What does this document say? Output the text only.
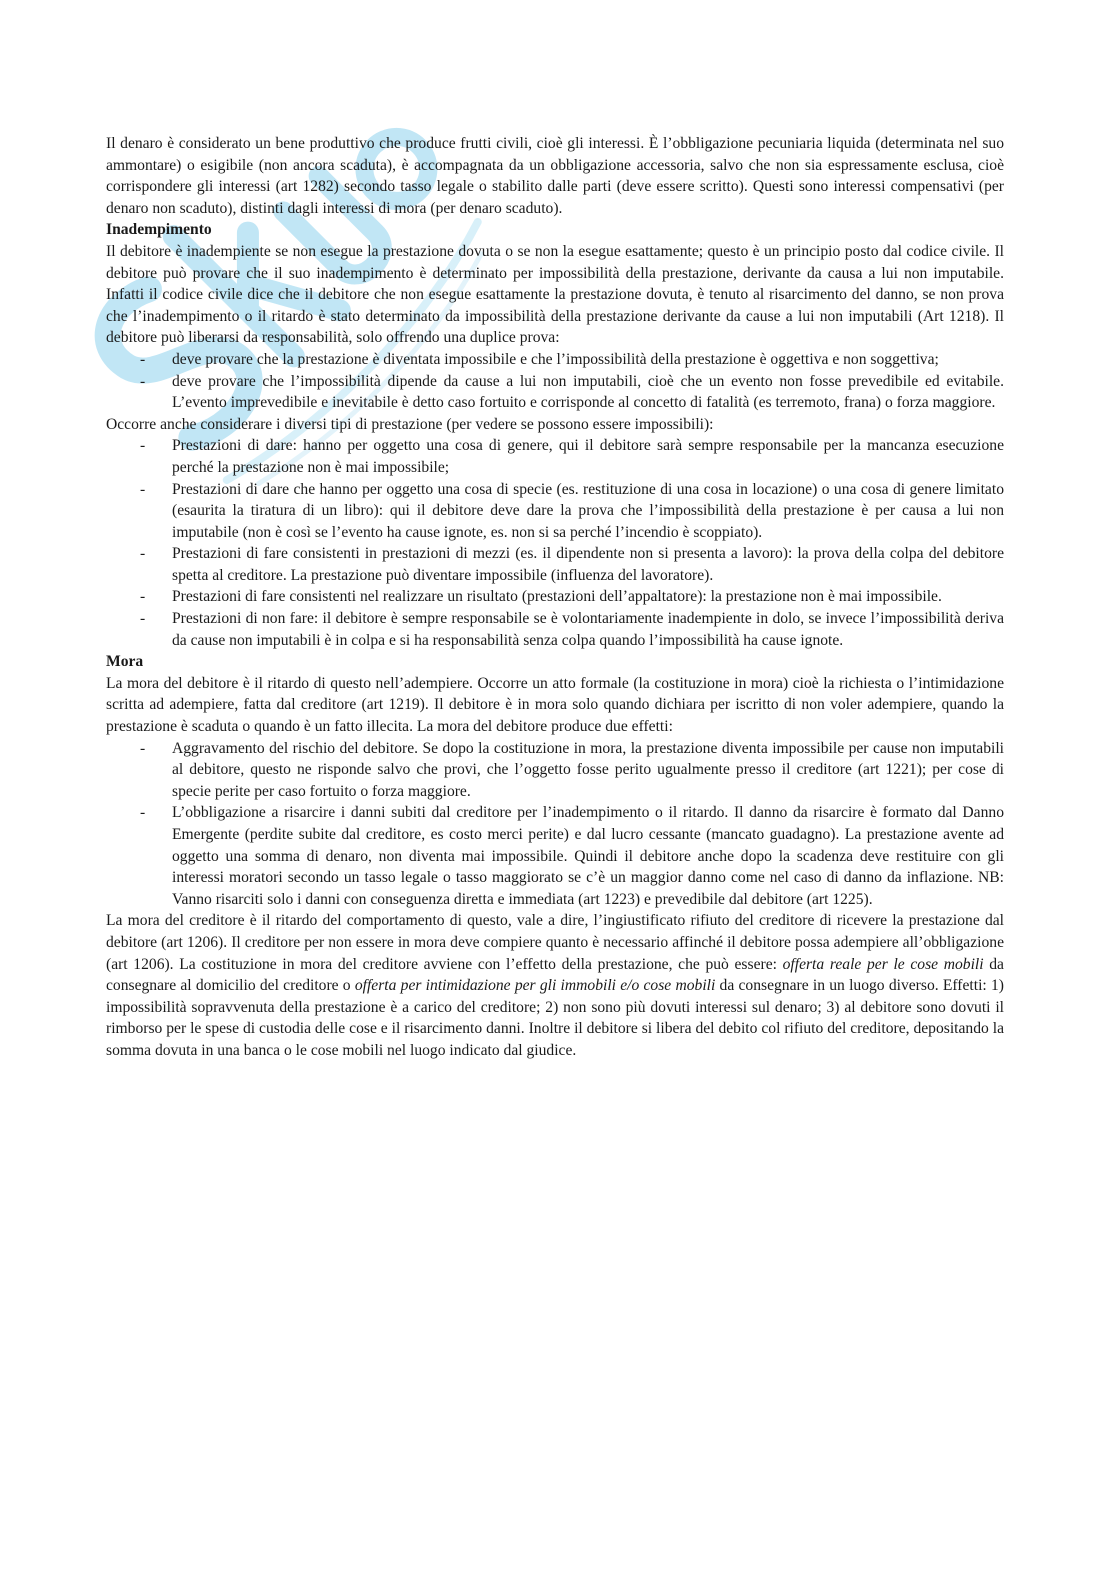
Il denaro è considerato un bene produttivo che produce frutti civili, cioè gli interessi. È l’obbligazione pecuniaria liquida (determinata nel suo ammontare) o esigibile (non ancora scaduta), è accompagnata da un obbligazione accessoria, salvo che non sia espressamente esclusa, cioè corrispondere gli interessi (art 1282) secondo tasso legale o stabilito dalle parti (deve essere scritto). Questi sono interessi compensativi (per denaro non scaduto), distinti dagli interessi di mora (per denaro scaduto).

Inadempimento

Il debitore è inadempiente se non esegue la prestazione dovuta o se non la esegue esattamente; questo è un principio posto dal codice civile. Il debitore può provare che il suo inadempimento è determinato per impossibilità della prestazione, derivante da causa a lui non imputabile. Infatti il codice civile dice che il debitore che non esegue esattamente la prestazione dovuta, è tenuto al risarcimento del danno, se non prova che l’inadempimento o il ritardo è stato determinato da impossibilità della prestazione derivante da cause a lui non imputabili (Art 1218). Il debitore può liberarsi da responsabilità, solo offrendo una duplice prova:

- deve provare che la prestazione è diventata impossibile e che l’impossibilità della prestazione è oggettiva e non soggettiva;
- deve provare che l’impossibilità dipende da cause a lui non imputabili, cioè che un evento non fosse prevedibile ed evitabile. L’evento imprevedibile e inevitabile è detto caso fortuito e corrisponde al concetto di fatalità (es terremoto, frana) o forza maggiore.

Occorre anche considerare i diversi tipi di prestazione (per vedere se possono essere impossibili):

- Prestazioni di dare: hanno per oggetto una cosa di genere, qui il debitore sarà sempre responsabile per la mancanza esecuzione perché la prestazione non è mai impossibile;
- Prestazioni di dare che hanno per oggetto una cosa di specie (es. restituzione di una cosa in locazione) o una cosa di genere limitato (esaurita la tiratura di un libro): qui il debitore deve dare la prova che l’impossibilità della prestazione è per causa a lui non imputabile (non è così se l’evento ha cause ignote, es. non si sa perché l’incendio è scoppiato).
- Prestazioni di fare consistenti in prestazioni di mezzi (es. il dipendente non si presenta a lavoro): la prova della colpa del debitore spetta al creditore. La prestazione può diventare impossibile (influenza del lavoratore).
- Prestazioni di fare consistenti nel realizzare un risultato (prestazioni dell’appaltatore): la prestazione non è mai impossibile.
- Prestazioni di non fare: il debitore è sempre responsabile se è volontariamente inadempiente in dolo, se invece l’impossibilità deriva da cause non imputabili è in colpa e si ha responsabilità senza colpa quando l’impossibilità ha cause ignote.
Mora

La mora del debitore è il ritardo di questo nell’adempiere. Occorre un atto formale (la costituzione in mora) cioè la richiesta o l’intimidazione scritta ad adempiere, fatta dal creditore (art 1219). Il debitore è in mora solo quando dichiara per iscritto di non voler adempiere, quando la prestazione è scaduta o quando è un fatto illecita. La mora del debitore produce due effetti:

- Aggravamento del rischio del debitore. Se dopo la costituzione in mora, la prestazione diventa impossibile per cause non imputabili al debitore, questo ne risponde salvo che provi, che l’oggetto fosse perito ugualmente presso il creditore (art 1221); per cose di specie perite per caso fortuito o forza maggiore.
- L’obbligazione a risarcire i danni subiti dal creditore per l’inadempimento o il ritardo. Il danno da risarcire è formato dal Danno Emergente (perdite subite dal creditore, es costo merci perite) e dal lucro cessante (mancato guadagno). La prestazione avente ad oggetto una somma di denaro, non diventa mai impossibile. Quindi il debitore anche dopo la scadenza deve restituire con gli interessi moratori secondo un tasso legale o tasso maggiorato se c’è un maggior danno come nel caso di danno da inflazione. NB: Vanno risarciti solo i danni con conseguenza diretta e immediata (art 1223) e prevedibile dal debitore (art 1225).

La mora del creditore è il ritardo del comportamento di questo, vale a dire, l’ingiustificato rifiuto del creditore di ricevere la prestazione dal debitore (art 1206). Il creditore per non essere in mora deve compiere quanto è necessario affinché il debitore possa adempiere all’obbligazione (art 1206). La costituzione in mora del creditore avviene con l’effetto della prestazione, che può essere: offerta reale per le cose mobili da consegnare al domicilio del creditore o offerta per intimidazione per gli immobili e/o cose mobili da consegnare in un luogo diverso. Effetti: 1) impossibilità sopravvenuta della prestazione è a carico del creditore; 2) non sono più dovuti interessi sul denaro; 3) al debitore sono dovuti il rimborso per le spese di custodia delle cose e il risarcimento danni. Inoltre il debitore si libera del debito col rifiuto del creditore, depositando la somma dovuta in una banca o le cose mobili nel luogo indicato dal giudice.
